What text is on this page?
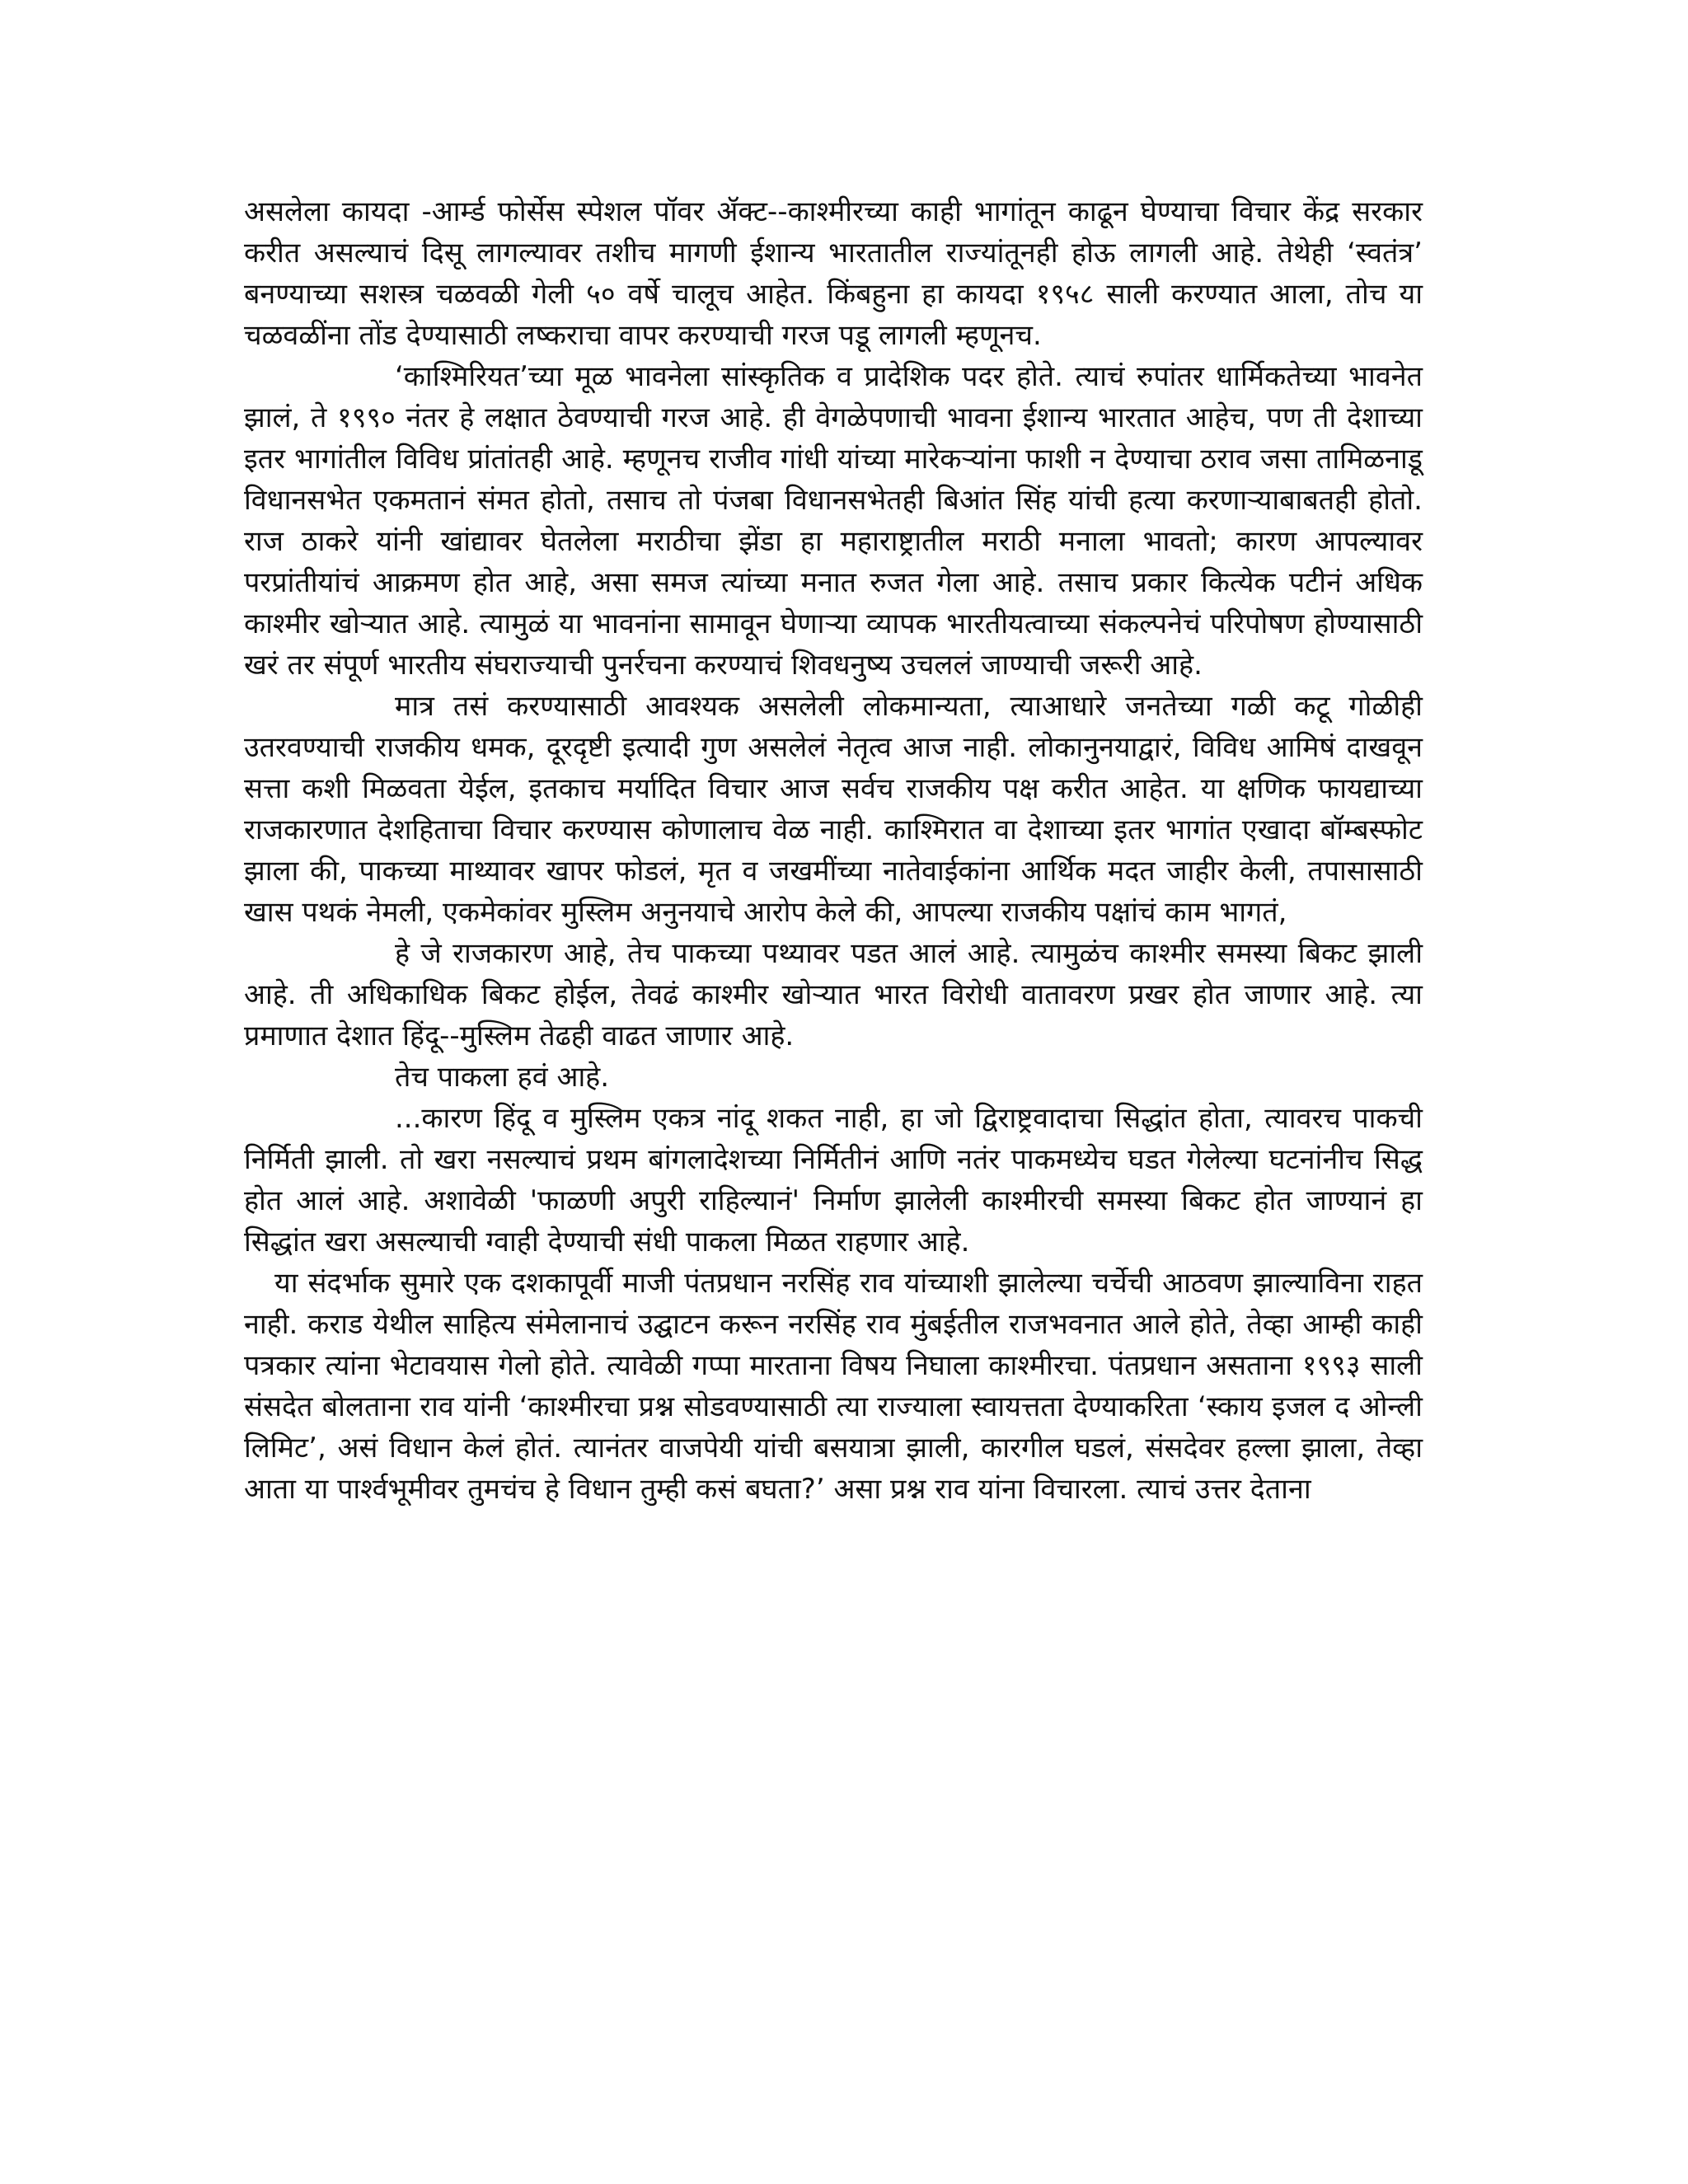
असलेला कायदा -आर्म्ड फोर्सेस स्पेशल पॉवर ॲक्ट--काश्मीरच्या काही भागांतून काढून घेण्याचा विचार केंद्र सरकार करीत असल्याचं दिसू लागल्यावर तशीच मागणी ईशान्य भारतातील राज्यांतूनही होऊ लागली आहे. तेथेही ‘स्वतंत्र’ बनण्याच्या सशस्त्र चळवळी गेली ५० वर्षे चालूच आहेत. किंबहुना हा कायदा १९५८ साली करण्यात आला, तोच या चळवळींना तोंड देण्यासाठी लष्कराचा वापर करण्याची गरज पडू लागली म्हणूनच.

‘काश्मिरियत’च्या मूळ भावनेला सांस्कृतिक व प्रादेशिक पदर होते. त्याचं रुपांतर धार्मिकतेच्या भावनेत झालं, ते १९९० नंतर हे लक्षात ठेवण्याची गरज आहे. ही वेगळेपणाची भावना ईशान्य भारतात आहेच, पण ती देशाच्या इतर भागांतील विविध प्रांतांतही आहे. म्हणूनच राजीव गांधी यांच्या मारेकऱ्यांना फाशी न देण्याचा ठराव जसा तामिळनाडू विधानसभेत एकमतानं संमत होतो, तसाच तो पंजबा विधानसभेतही बिआंत सिंह यांची हत्या करणाऱ्याबाबतही होतो. राज ठाकरे यांनी खांद्यावर घेतलेला मराठीचा झेंडा हा महाराष्ट्रातील मराठी मनाला भावतो; कारण आपल्यावर परप्रांतीयांचं आक्रमण होत आहे, असा समज त्यांच्या मनात रुजत गेला आहे. तसाच प्रकार कित्येक पटीनं अधिक काश्मीर खोऱ्यात आहे. त्यामुळं या भावनांना सामावून घेणाऱ्या व्यापक भारतीयत्वाच्या संकल्पनेचं परिपोषण होण्यासाठी खरं तर संपूर्ण भारतीय संघराज्याची पुनर्रचना करण्याचं शिवधनुष्य उचललं जाण्याची जरूरी आहे.

मात्र तसं करण्यासाठी आवश्यक असलेली लोकमान्यता, त्याआधारे जनतेच्या गळी कटू गोळीही उतरवण्याची राजकीय धमक, दूरदृष्टी इत्यादी गुण असलेलं नेतृत्व आज नाही. लोकानुनयाद्वारं, विविध आमिषं दाखवून सत्ता कशी मिळवता येईल, इतकाच मर्यादित विचार आज सर्वच राजकीय पक्ष करीत आहेत. या क्षणिक फायद्याच्या राजकारणात देशहिताचा विचार करण्यास कोणालाच वेळ नाही. काश्मिरात वा देशाच्या इतर भागांत एखादा बॉम्बस्फोट झाला की, पाकच्या माथ्यावर खापर फोडलं, मृत व जखमींच्या नातेवाईकांना आर्थिक मदत जाहीर केली, तपासासाठी खास पथकं नेमली, एकमेकांवर मुस्लिम अनुनयाचे आरोप केले की, आपल्या राजकीय पक्षांचं काम भागतं,

हे जे राजकारण आहे, तेच पाकच्या पथ्यावर पडत आलं आहे. त्यामुळंच काश्मीर समस्या बिकट झाली आहे. ती अधिकाधिक बिकट होईल, तेवढं काश्मीर खोऱ्यात भारत विरोधी वातावरण प्रखर होत जाणार आहे. त्या प्रमाणात देशात हिंदू--मुस्लिम तेढही वाढत जाणार आहे.

तेच पाकला हवं आहे.

...कारण हिंदू व मुस्लिम एकत्र नांदू शकत नाही, हा जो द्विराष्ट्रवादाचा सिद्धांत होता, त्यावरच पाकची निर्मिती झाली. तो खरा नसल्याचं प्रथम बांगलादेशच्या निर्मितीनं आणि नतंर पाकमध्येच घडत गेलेल्या घटनांनीच सिद्ध होत आलं आहे. अशावेळी 'फाळणी अपुरी राहिल्यानं' निर्माण झालेली काश्मीरची समस्या बिकट होत जाण्यानं हा सिद्धांत खरा असल्याची ग्वाही देण्याची संधी पाकला मिळत राहणार आहे.

या संदर्भाक सुमारे एक दशकापूर्वी माजी पंतप्रधान नरसिंह राव यांच्याशी झालेल्या चर्चेची आठवण झाल्याविना राहत नाही. कराड येथील साहित्य संमेलानाचं उद्घाटन करून नरसिंह राव मुंबईतील राजभवनात आले होते, तेव्हा आम्ही काही पत्रकार त्यांना भेटावयास गेलो होते. त्यावेळी गप्पा मारताना विषय निघाला काश्मीरचा. पंतप्रधान असताना १९९३ साली संसदेत बोलताना राव यांनी ‘काश्मीरचा प्रश्न सोडवण्यासाठी त्या राज्याला स्वायत्तता देण्याकरिता ‘स्काय इजल द ओन्ली लिमिट’, असं विधान केलं होतं. त्यानंतर वाजपेयी यांची बसयात्रा झाली, कारगील घडलं, संसदेवर हल्ला झाला, तेव्हा आता या पार्श्वभूमीवर तुमचंच हे विधान तुम्ही कसं बघता?’ असा प्रश्न राव यांना विचारला. त्याचं उत्तर देताना
